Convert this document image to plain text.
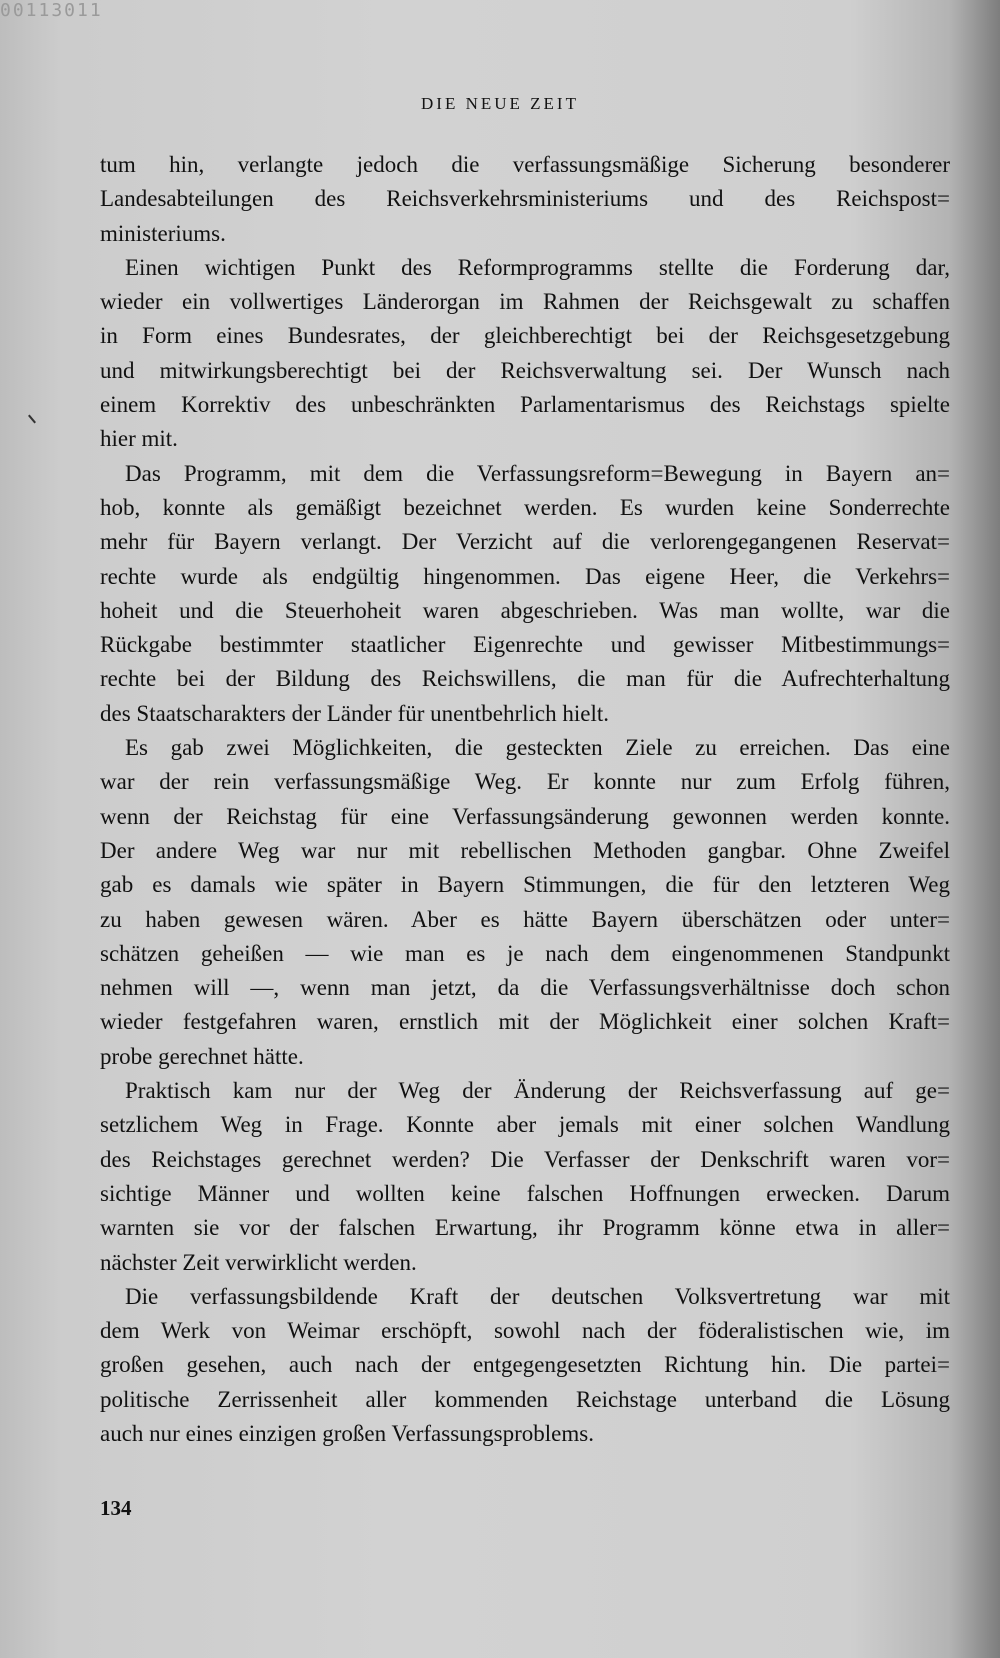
00113011
DIE NEUE ZEIT
tum hin, verlangte jedoch die verfassungsmäßige Sicherung besonderer
Landesabteilungen des Reichsverkehrsministeriums und des Reichspost=
ministeriums.
Einen wichtigen Punkt des Reformprogramms stellte die Forderung dar,
wieder ein vollwertiges Länderorgan im Rahmen der Reichsgewalt zu schaffen
in Form eines Bundesrates, der gleichberechtigt bei der Reichsgesetzgebung
und mitwirkungsberechtigt bei der Reichsverwaltung sei. Der Wunsch nach
einem Korrektiv des unbeschränkten Parlamentarismus des Reichstags spielte
hier mit.
Das Programm, mit dem die Verfassungsreform=Bewegung in Bayern an=
hob, konnte als gemäßigt bezeichnet werden. Es wurden keine Sonderrechte
mehr für Bayern verlangt. Der Verzicht auf die verlorengegangenen Reservat=
rechte wurde als endgültig hingenommen. Das eigene Heer, die Verkehrs=
hoheit und die Steuerhoheit waren abgeschrieben. Was man wollte, war die
Rückgabe bestimmter staatlicher Eigenrechte und gewisser Mitbestimmungs=
rechte bei der Bildung des Reichswillens, die man für die Aufrechterhaltung
des Staatscharakters der Länder für unentbehrlich hielt.
Es gab zwei Möglichkeiten, die gesteckten Ziele zu erreichen. Das eine
war der rein verfassungsmäßige Weg. Er konnte nur zum Erfolg führen,
wenn der Reichstag für eine Verfassungsänderung gewonnen werden konnte.
Der andere Weg war nur mit rebellischen Methoden gangbar. Ohne Zweifel
gab es damals wie später in Bayern Stimmungen, die für den letzteren Weg
zu haben gewesen wären. Aber es hätte Bayern überschätzen oder unter=
schätzen geheißen — wie man es je nach dem eingenommenen Standpunkt
nehmen will —, wenn man jetzt, da die Verfassungsverhältnisse doch schon
wieder festgefahren waren, ernstlich mit der Möglichkeit einer solchen Kraft=
probe gerechnet hätte.
Praktisch kam nur der Weg der Änderung der Reichsverfassung auf ge=
setzlichem Weg in Frage. Konnte aber jemals mit einer solchen Wandlung
des Reichstages gerechnet werden? Die Verfasser der Denkschrift waren vor=
sichtige Männer und wollten keine falschen Hoffnungen erwecken. Darum
warnten sie vor der falschen Erwartung, ihr Programm könne etwa in aller=
nächster Zeit verwirklicht werden.
Die verfassungsbildende Kraft der deutschen Volksvertretung war mit
dem Werk von Weimar erschöpft, sowohl nach der föderalistischen wie, im
großen gesehen, auch nach der entgegengesetzten Richtung hin. Die partei=
politische Zerrissenheit aller kommenden Reichstage unterband die Lösung
auch nur eines einzigen großen Verfassungsproblems.
134
